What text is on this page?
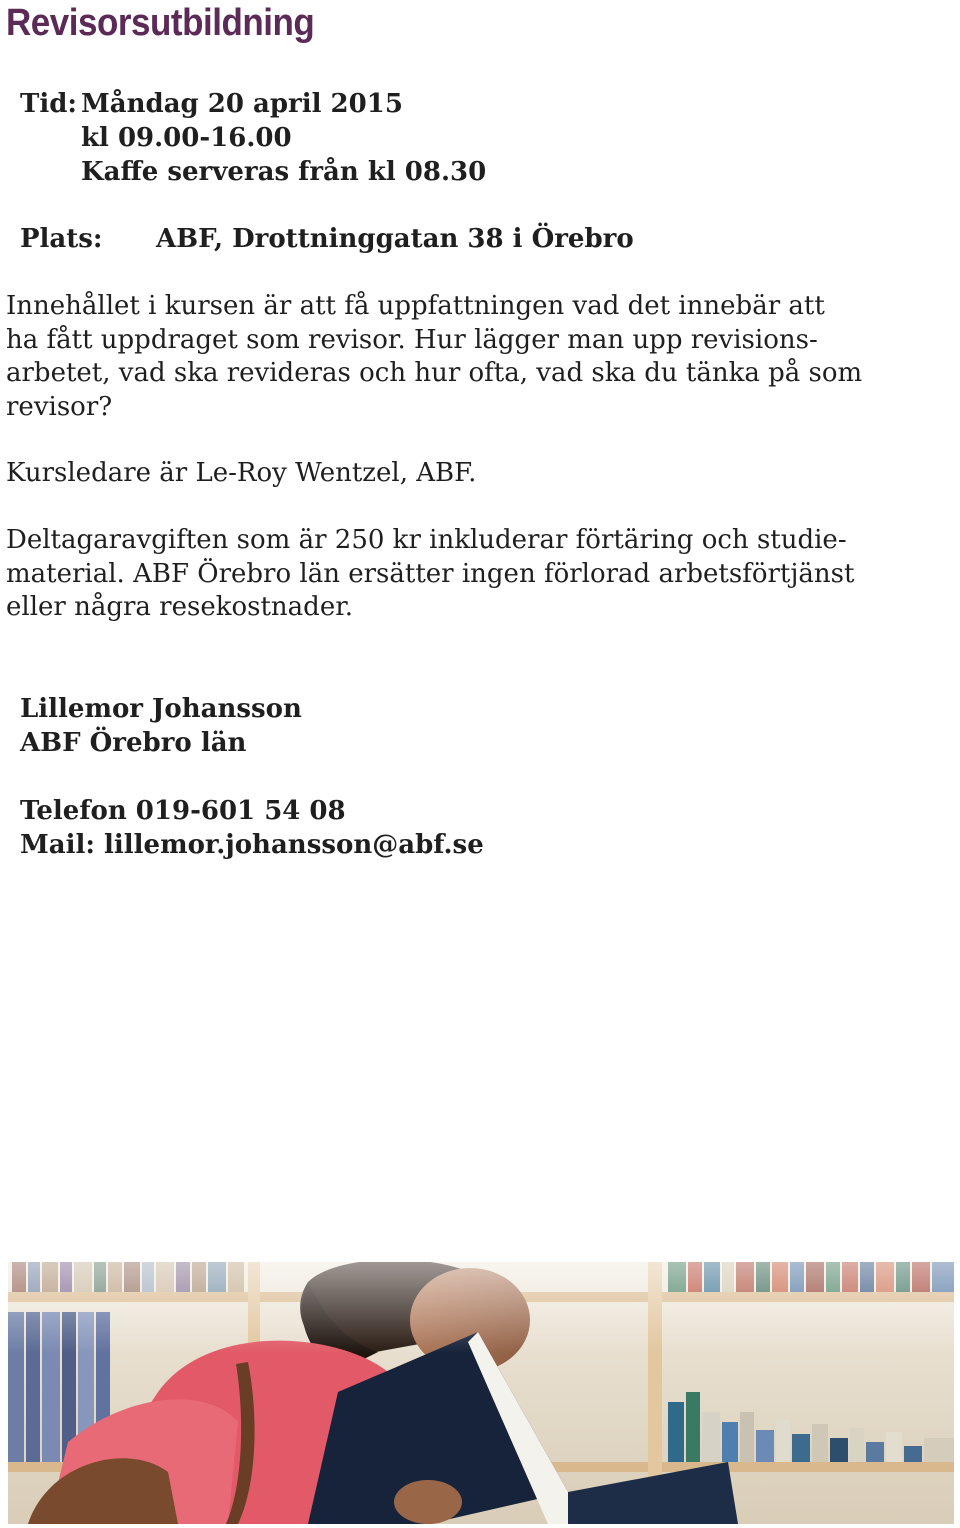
Revisorsutbildning
Tid: Måndag 20 april 2015
kl 09.00-16.00
Kaffe serveras från kl 08.30
Plats: ABF, Drottninggatan 38 i Örebro

Innehållet i kursen är att få uppfattningen vad det innebär att
ha fått uppdraget som revisor. Hur lägger man upp revisions-
arbetet, vad ska revideras och hur ofta, vad ska du tänka på som
revisor?

Kursledare är Le-Roy Wentzel, ABF.

Deltagaravgiften som är 250 kr inkluderar förtäring och studie-
material. ABF Örebro län ersätter ingen förlorad arbetsförtjänst
eller några resekostnader.

Lillemor Johansson
ABF Örebro län
Telefon 019-601 54 08
Mail: lillemor.johansson@abf.se
